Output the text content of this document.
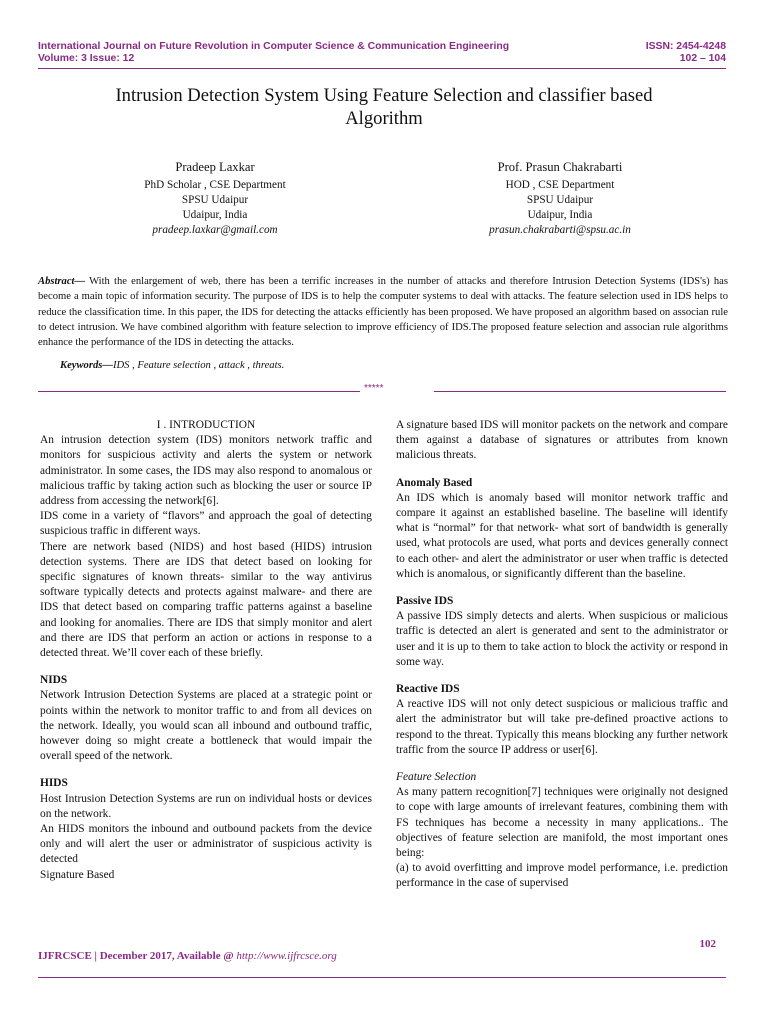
International Journal on Future Revolution in Computer Science & Communication Engineering	ISSN: 2454-4248
Volume: 3 Issue: 12	102 – 104
Intrusion Detection System Using Feature Selection and classifier based
Algorithm
Pradeep Laxkar
PhD Scholar , CSE Department
SPSU Udaipur
Udaipur, India
pradeep.laxkar@gmail.com
Prof. Prasun Chakrabarti
HOD , CSE Department
SPSU Udaipur
Udaipur, India
prasun.chakrabarti@spsu.ac.in
Abstract— With the enlargement of web, there has been a terrific increases in the number of attacks and therefore Intrusion Detection Systems (IDS's) has become a main topic of information security. The purpose of IDS is to help the computer systems to deal with attacks. The feature selection used in IDS helps to reduce the classification time. In this paper, the IDS for detecting the attacks efficiently has been proposed. We have proposed an algorithm based on associan rule to detect intrusion. We have combined algorithm with feature selection to improve efficiency of IDS.The proposed feature selection and associan rule algorithms enhance the performance of the IDS in detecting the attacks.
Keywords—IDS , Feature selection , attack , threats.
*****

I . INTRODUCTION

An intrusion detection system (IDS) monitors network traffic and monitors for suspicious activity and alerts the system or network administrator. In some cases, the IDS may also respond to anomalous or malicious traffic by taking action such as blocking the user or source IP address from accessing the network[6].

IDS come in a variety of “flavors” and approach the goal of detecting suspicious traffic in different ways.

There are network based (NIDS) and host based (HIDS) intrusion detection systems. There are IDS that detect based on looking for specific signatures of known threats- similar to the way antivirus software typically detects and protects against malware- and there are IDS that detect based on comparing traffic patterns against a baseline and looking for anomalies. There are IDS that simply monitor and alert and there are IDS that perform an action or actions in response to a detected threat. We’ll cover each of these briefly.

NIDS

Network Intrusion Detection Systems are placed at a strategic point or points within the network to monitor traffic to and from all devices on the network. Ideally, you would scan all inbound and outbound traffic, however doing so might create a bottleneck that would impair the overall speed of the network.

HIDS

Host Intrusion Detection Systems are run on individual hosts or devices on the network.

An HIDS monitors the inbound and outbound packets from the device only and will alert the user or administrator of suspicious activity is detected

Signature Based

A signature based IDS will monitor packets on the network and compare them against a database of signatures or attributes from known malicious threats.

Anomaly Based

An IDS which is anomaly based will monitor network traffic and compare it against an established baseline. The baseline will identify what is “normal” for that network- what sort of bandwidth is generally used, what protocols are used, what ports and devices generally connect to each other- and alert the administrator or user when traffic is detected which is anomalous, or significantly different than the baseline.

Passive IDS

A passive IDS simply detects and alerts. When suspicious or malicious traffic is detected an alert is generated and sent to the administrator or user and it is up to them to take action to block the activity or respond in some way.

Reactive IDS

A reactive IDS will not only detect suspicious or malicious traffic and alert the administrator but will take pre-defined proactive actions to respond to the threat. Typically this means blocking any further network traffic from the source IP address or user[6].

Feature Selection

As many pattern recognition[7] techniques were originally not designed to cope with large amounts of irrelevant features, combining them with FS techniques has become a necessity in many applications.. The objectives of feature selection are manifold, the most important ones being:

(a) to avoid overfitting and improve model performance, i.e. prediction performance in the case of supervised

102
IJFRCSCE | December 2017, Available @ http://www.ijfrcsce.org
